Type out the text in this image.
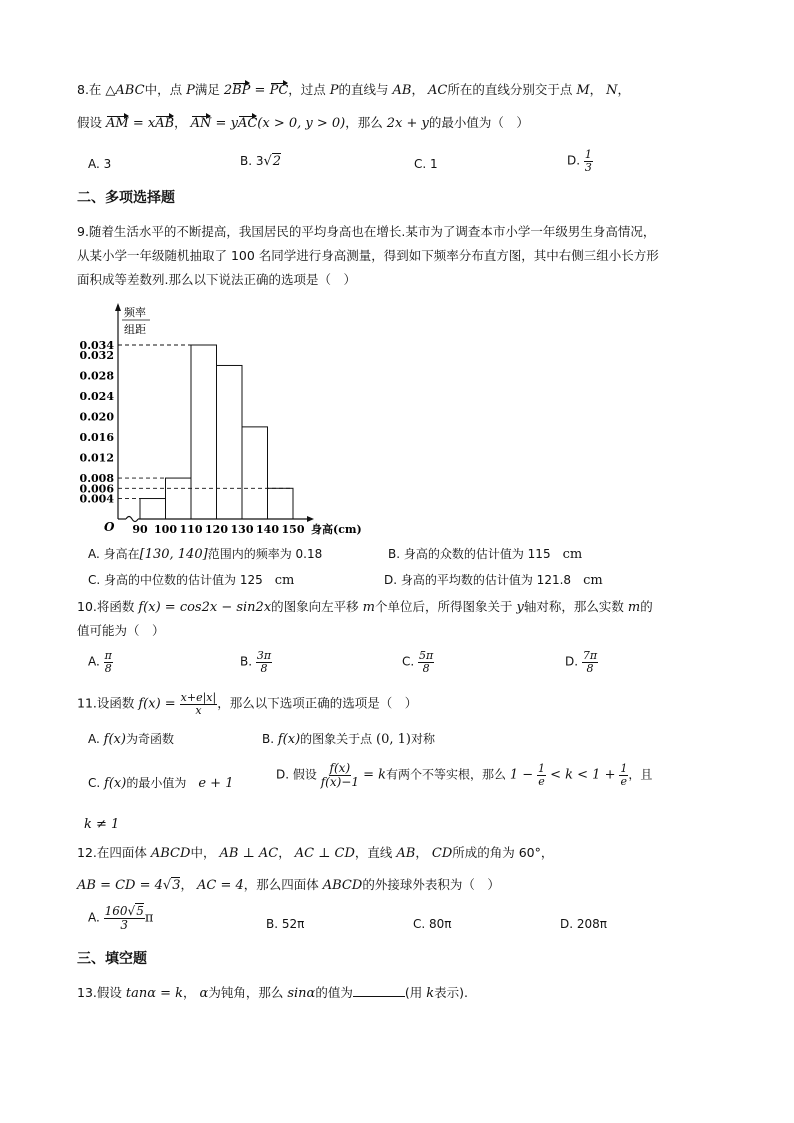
8.在 △ABC中，点 P满足 2BP = PC，过点 P的直线与 AB， AC所在的直线分别交于点 M， N，
假设 AM = xAB， AN = yAC(x > 0, y > 0)，那么 2x + y的最小值为（　）
A. 3	B. 3√2	C. 1	D. $\frac{1}{3}$
二、多项选择题
9.随着生活水平的不断提高，我国居民的平均身高也在增长.某市为了调查本市小学一年级男生身高情况，
从某小学一年级随机抽取了 100 名同学进行身高测量，得到如下频率分布直方图，其中右侧三组小长方形
面积成等差数列.那么以下说法正确的选项是（　）
频率
组距
0.004
0.006
0.008
0.012
0.016
0.020
0.024
0.028
0.032
0.034
90 100 110 120 130 140 150 身高(cm)
O
A. 身高在[130, 140]范围内的频率为 0.18	B. 身高的众数的估计值为 115　 cm
C. 身高的中位数的估计值为 125　 cm	D. 身高的平均数的估计值为 121.8　 cm
10.将函数 f(x) = cos2x − sin2x的图象向左平移 m个单位后，所得图象关于 y轴对称，那么实数 m的
值可能为（　）
A. $\frac{\pi}{8}$	B. $\frac{3\pi}{8}$	C. $\frac{5\pi}{8}$	D. $\frac{7\pi}{8}$
11.设函数 $f(x) = \frac{x+e|x|}{x}$ ，那么以下选项正确的选项是（　）
A. f(x)为奇函数	B. f(x)的图象关于点 (0, 1)对称
C. f(x)的最小值为　 e + 1
D. 假设 $\frac{f(x)}{f(x)-1} = k$有两个不等实根，那么 $1 - \frac{1}{e} < k < 1 + \frac{1}{e}$ ，且
k ≠ 1
12.在四面体 ABCD中， AB ⊥ AC， AC ⊥ CD，直线 AB， CD所成的角为 60°，
AB = CD = 4√3， AC = 4，那么四面体 ABCD的外接球外表积为（　）
A. $\frac{160√5}{3}$ π	B. 52π	C. 80π	D. 208π
三、填空题
13.假设 tanα = k， α为钝角，那么 sinα的值为	(用 k表示).
